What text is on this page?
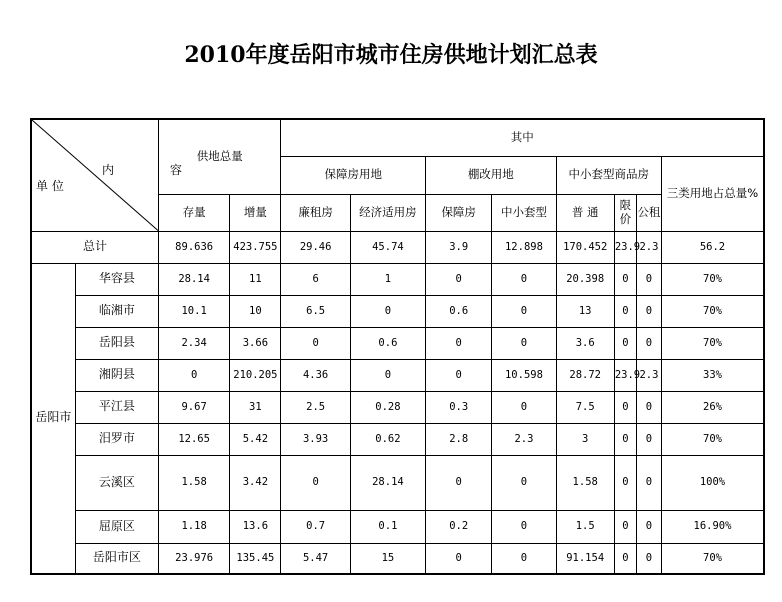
2010年度岳阳市城市住房供地计划汇总表
内 容
单 位		供地总量		其中							
				保障房用地		棚改用地		中小套型商品房			三类用地占总量%
		存量	增量	廉租房	经济适用房	保障房	中小套型	普 通	限价	公租	
总计		89.636	423.755	29.46	45.74	3.9	12.898	170.452	23.9	2.3	56.2
岳阳市	华容县	28.14	11	6	1	0	0	20.398	0	0	70%
	临湘市	10.1	10	6.5	0	0.6	0	13	0	0	70%
	岳阳县	2.34	3.66	0	0.6	0	0	3.6	0	0	70%
	湘阴县	0	210.205	4.36	0	0	10.598	28.72	23.9	2.3	33%
	平江县	9.67	31	2.5	0.28	0.3	0	7.5	0	0	26%
	汨罗市	12.65	5.42	3.93	0.62	2.8	2.3	3	0	0	70%
	云溪区	1.58	3.42	0	28.14	0	0	1.58	0	0	100%
	屈原区	1.18	13.6	0.7	0.1	0.2	0	1.5	0	0	16.90%
	岳阳市区	23.976	135.45	5.47	15	0	0	91.154	0	0	70%
